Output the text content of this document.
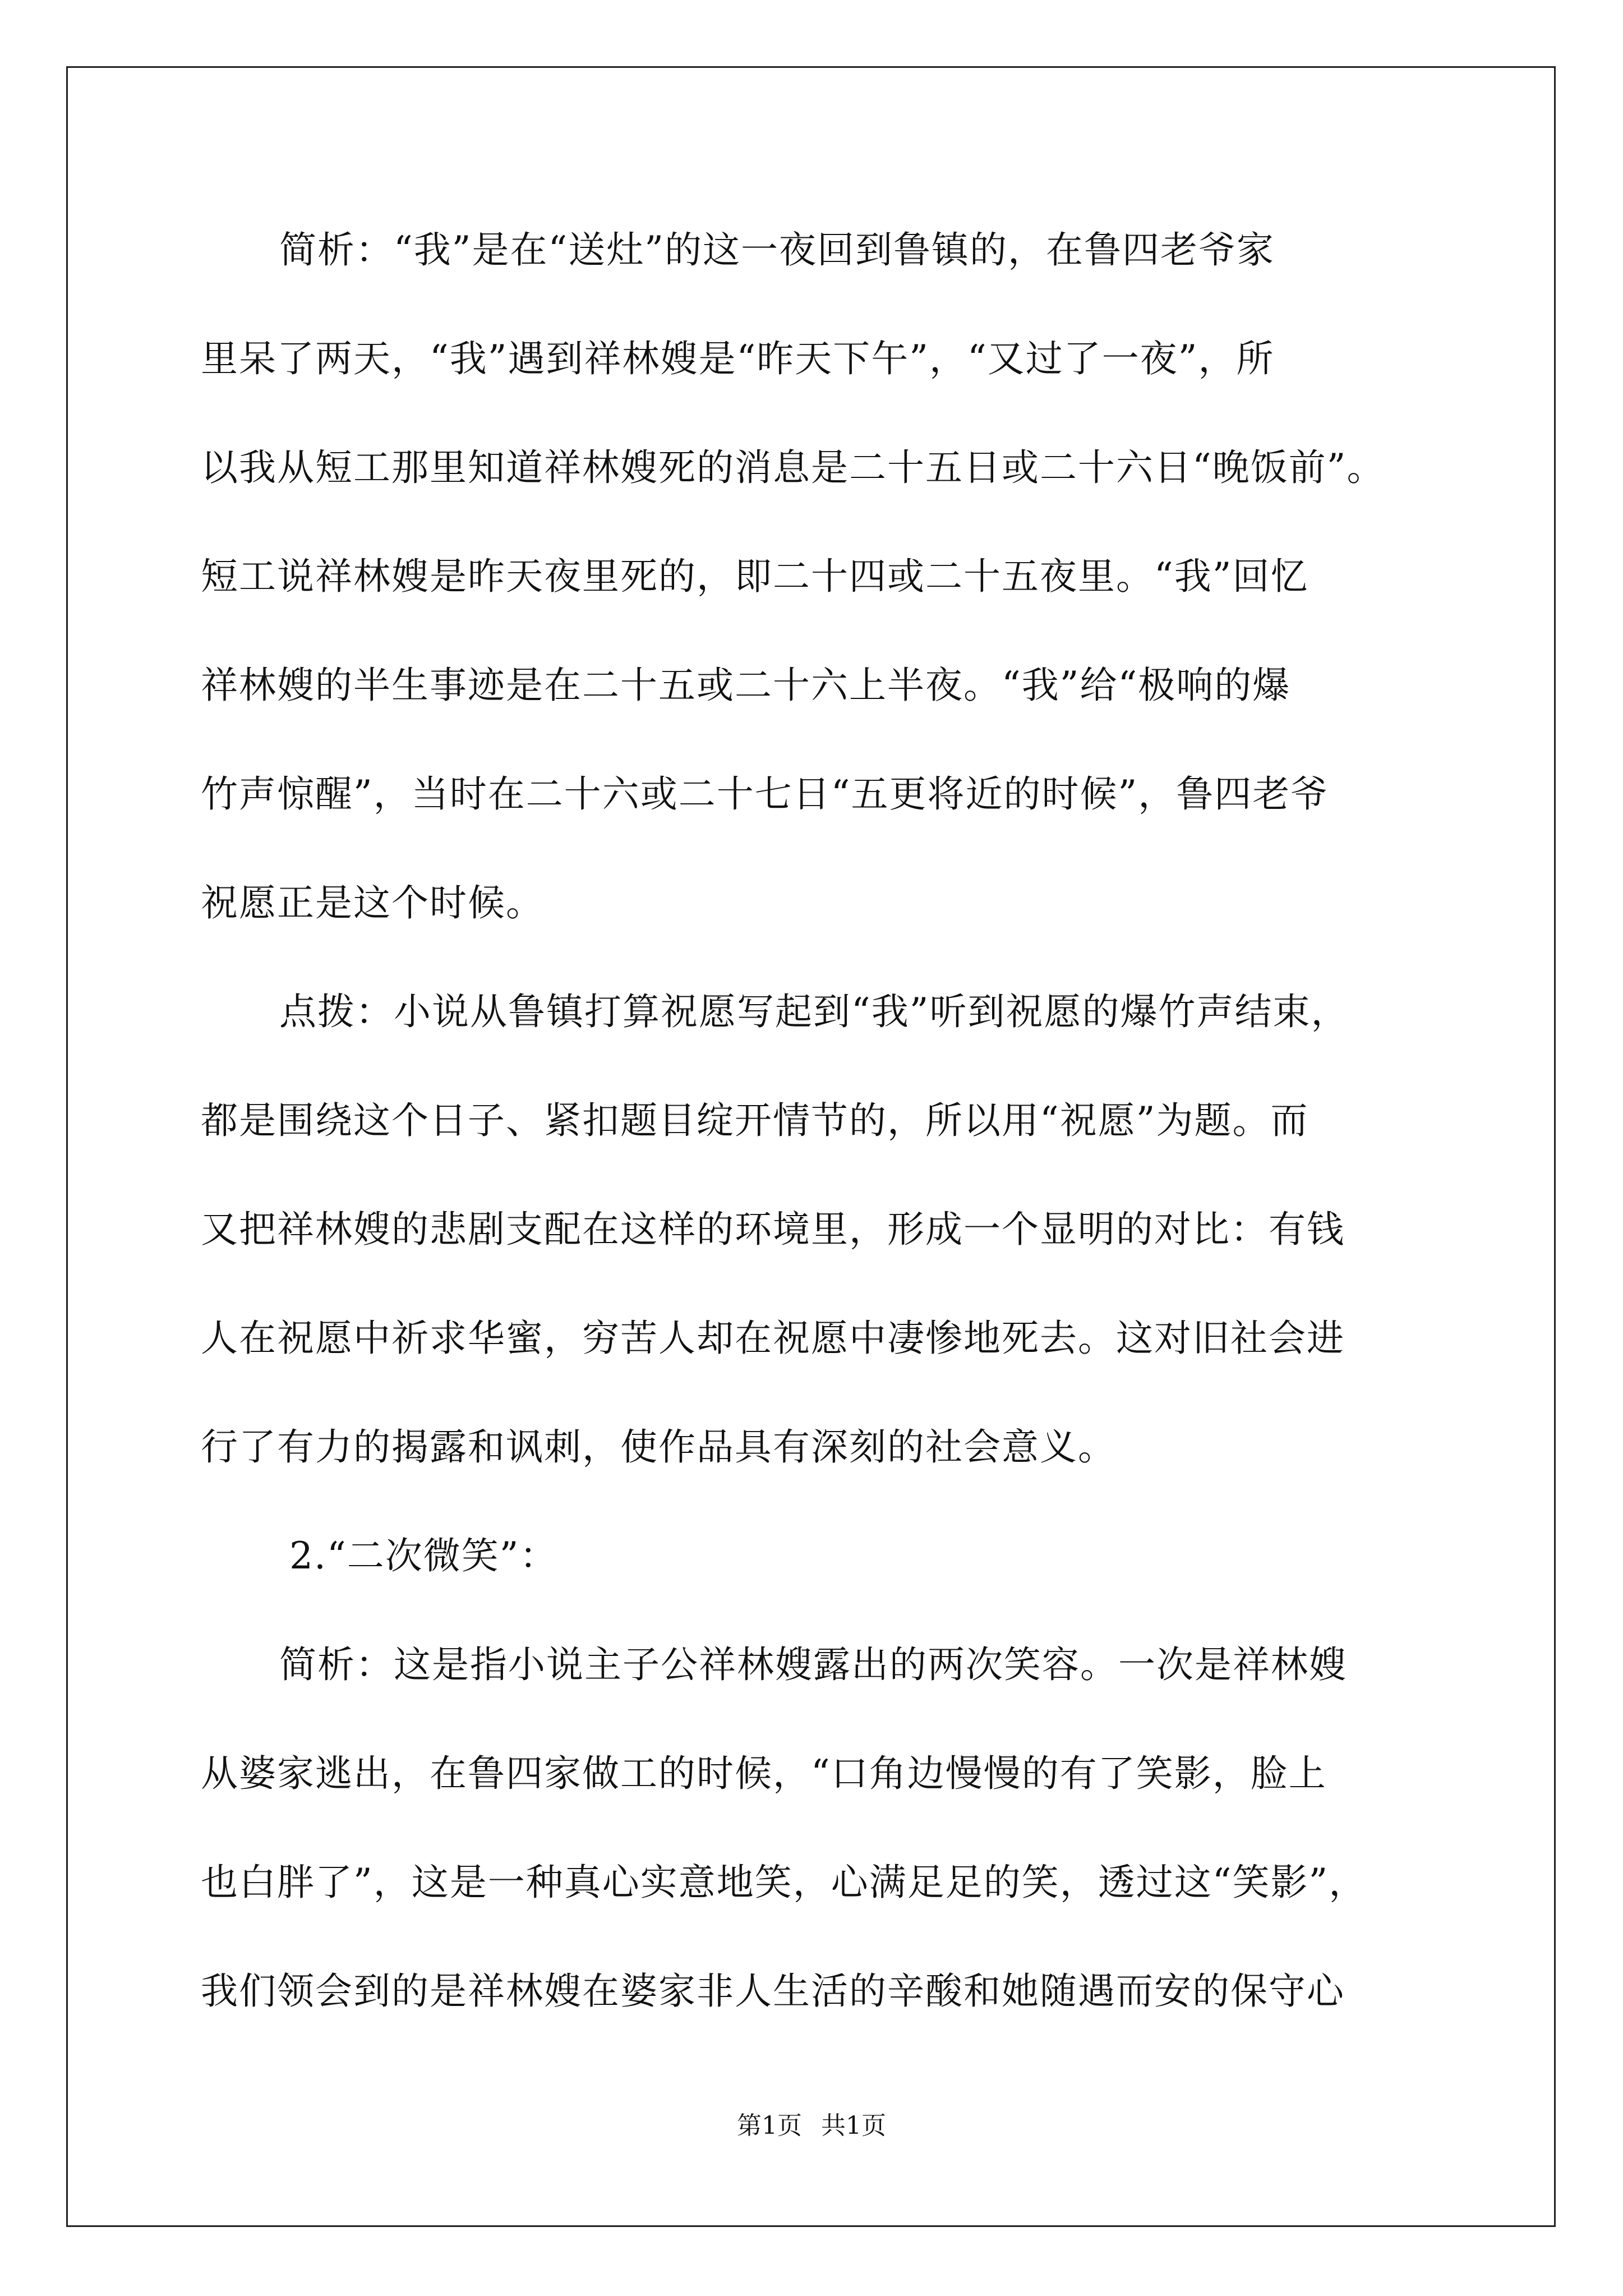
简析：“我”是在“送灶”的这一夜回到鲁镇的，在鲁四老爷家
里呆了两天，“我”遇到祥林嫂是“昨天下午”，“又过了一夜”，所
以我从短工那里知道祥林嫂死的消息是二十五日或二十六日“晚饭前”。
短工说祥林嫂是昨天夜里死的，即二十四或二十五夜里。“我”回忆
祥林嫂的半生事迹是在二十五或二十六上半夜。“我”给“极响的爆
竹声惊醒”，当时在二十六或二十七日“五更将近的时候”，鲁四老爷
祝愿正是这个时候。
点拨：小说从鲁镇打算祝愿写起到“我”听到祝愿的爆竹声结束，
都是围绕这个日子、紧扣题目绽开情节的，所以用“祝愿”为题。而
又把祥林嫂的悲剧支配在这样的环境里，形成一个显明的对比：有钱
人在祝愿中祈求华蜜，穷苦人却在祝愿中凄惨地死去。这对旧社会进
行了有力的揭露和讽刺，使作品具有深刻的社会意义。
2.“二次微笑”：
简析：这是指小说主子公祥林嫂露出的两次笑容。一次是祥林嫂
从婆家逃出，在鲁四家做工的时候，“口角边慢慢的有了笑影，脸上
也白胖了”，这是一种真心实意地笑，心满足足的笑，透过这“笑影”，
我们领会到的是祥林嫂在婆家非人生活的辛酸和她随遇而安的保守心
第1页 共1页
